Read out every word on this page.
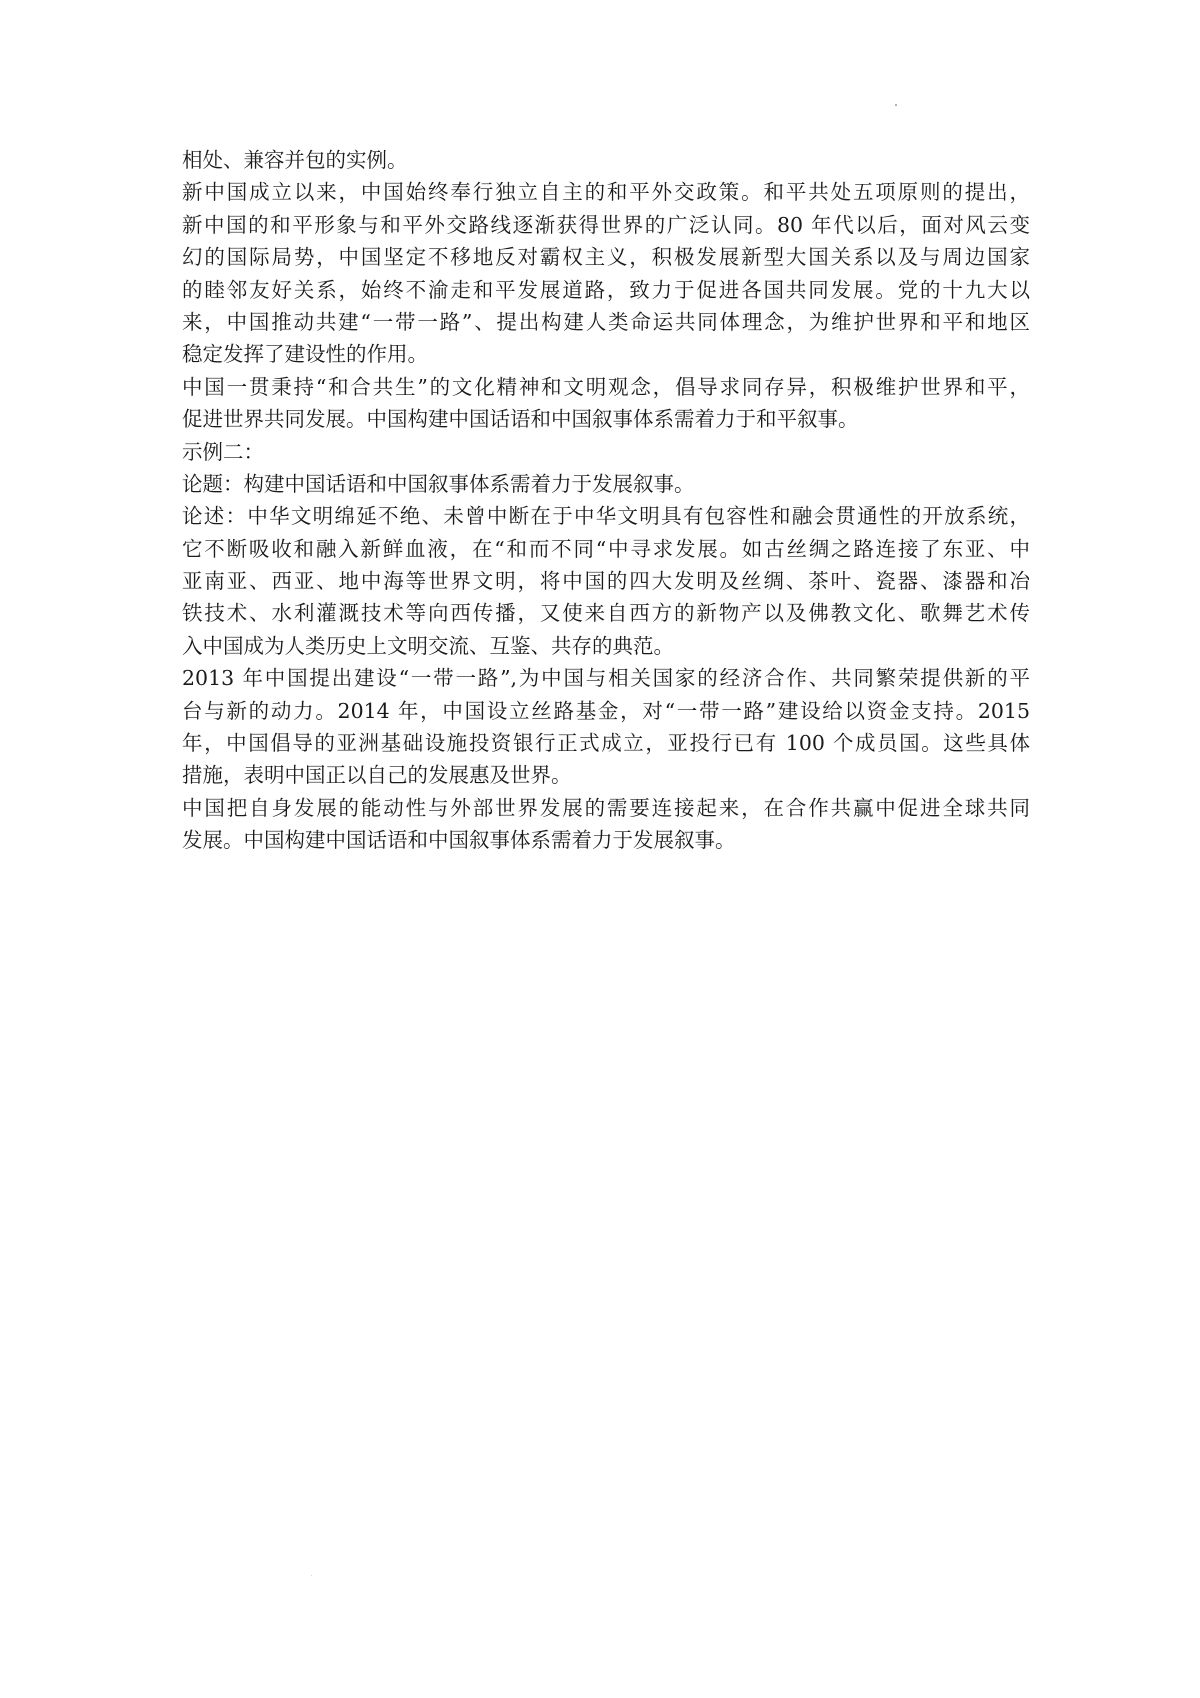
相处、兼容并包的实例。
新中国成立以来，中国始终奉行独立自主的和平外交政策。和平共处五项原则的提出，
新中国的和平形象与和平外交路线逐渐获得世界的广泛认同。80 年代以后，面对风云变
幻的国际局势，中国坚定不移地反对霸权主义，积极发展新型大国关系以及与周边国家
的睦邻友好关系，始终不渝走和平发展道路，致力于促进各国共同发展。党的十九大以
来，中国推动共建“一带一路”、提出构建人类命运共同体理念，为维护世界和平和地区
稳定发挥了建设性的作用。
中国一贯秉持“和合共生”的文化精神和文明观念，倡导求同存异，积极维护世界和平，
促进世界共同发展。中国构建中国话语和中国叙事体系需着力于和平叙事。
示例二：
论题：构建中国话语和中国叙事体系需着力于发展叙事。
论述：中华文明绵延不绝、未曾中断在于中华文明具有包容性和融会贯通性的开放系统，
它不断吸收和融入新鲜血液，在“和而不同“中寻求发展。如古丝绸之路连接了东亚、中
亚南亚、西亚、地中海等世界文明，将中国的四大发明及丝绸、茶叶、瓷器、漆器和冶
铁技术、水利灌溉技术等向西传播，又使来自西方的新物产以及佛教文化、歌舞艺术传
入中国成为人类历史上文明交流、互鉴、共存的典范。
2013 年中国提出建设“一带一路”,为中国与相关国家的经济合作、共同繁荣提供新的平
台与新的动力。2014 年，中国设立丝路基金，对“一带一路”建设给以资金支持。2015
年，中国倡导的亚洲基础设施投资银行正式成立，亚投行已有 100 个成员国。这些具体
措施，表明中国正以自己的发展惠及世界。
中国把自身发展的能动性与外部世界发展的需要连接起来，在合作共赢中促进全球共同
发展。中国构建中国话语和中国叙事体系需着力于发展叙事。
